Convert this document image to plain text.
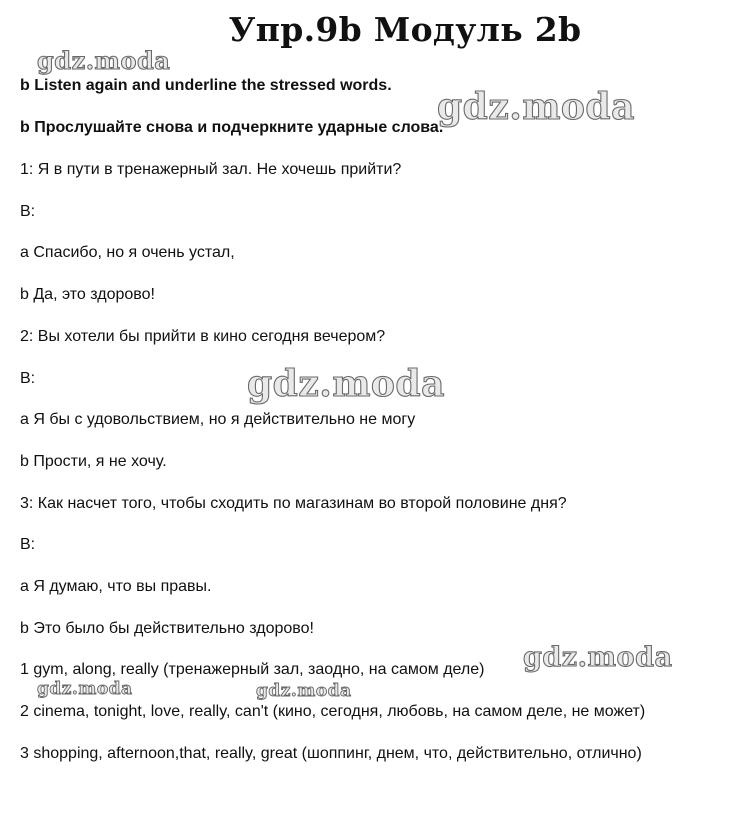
Упр.9b Модуль 2b
gdz.moda
gdz.moda
gdz.moda
gdz.moda
gdz.moda	gdz.moda

b Listen again and underline the stressed words.

b Прослушайте снова и подчеркните ударные слова.

1: Я в пути в тренажерный зал. Не хочешь прийти?

В:

а Спасибо, но я очень устал,

b Да, это здорово!

2: Вы хотели бы прийти в кино сегодня вечером?

В:

а Я бы с удовольствием, но я действительно не могу

b Прости, я не хочу.

3: Как насчет того, чтобы сходить по магазинам во второй половине дня?

В:

а Я думаю, что вы правы.

b Это было бы действительно здорово!

1 gym, along, really (тренажерный зал, заодно, на самом деле)

2 cinema, tonight, love, really, can't (кино, сегодня, любовь, на самом деле, не может)

3 shopping, afternoon,that, really, great (шоппинг, днем, что, действительно, отлично)
